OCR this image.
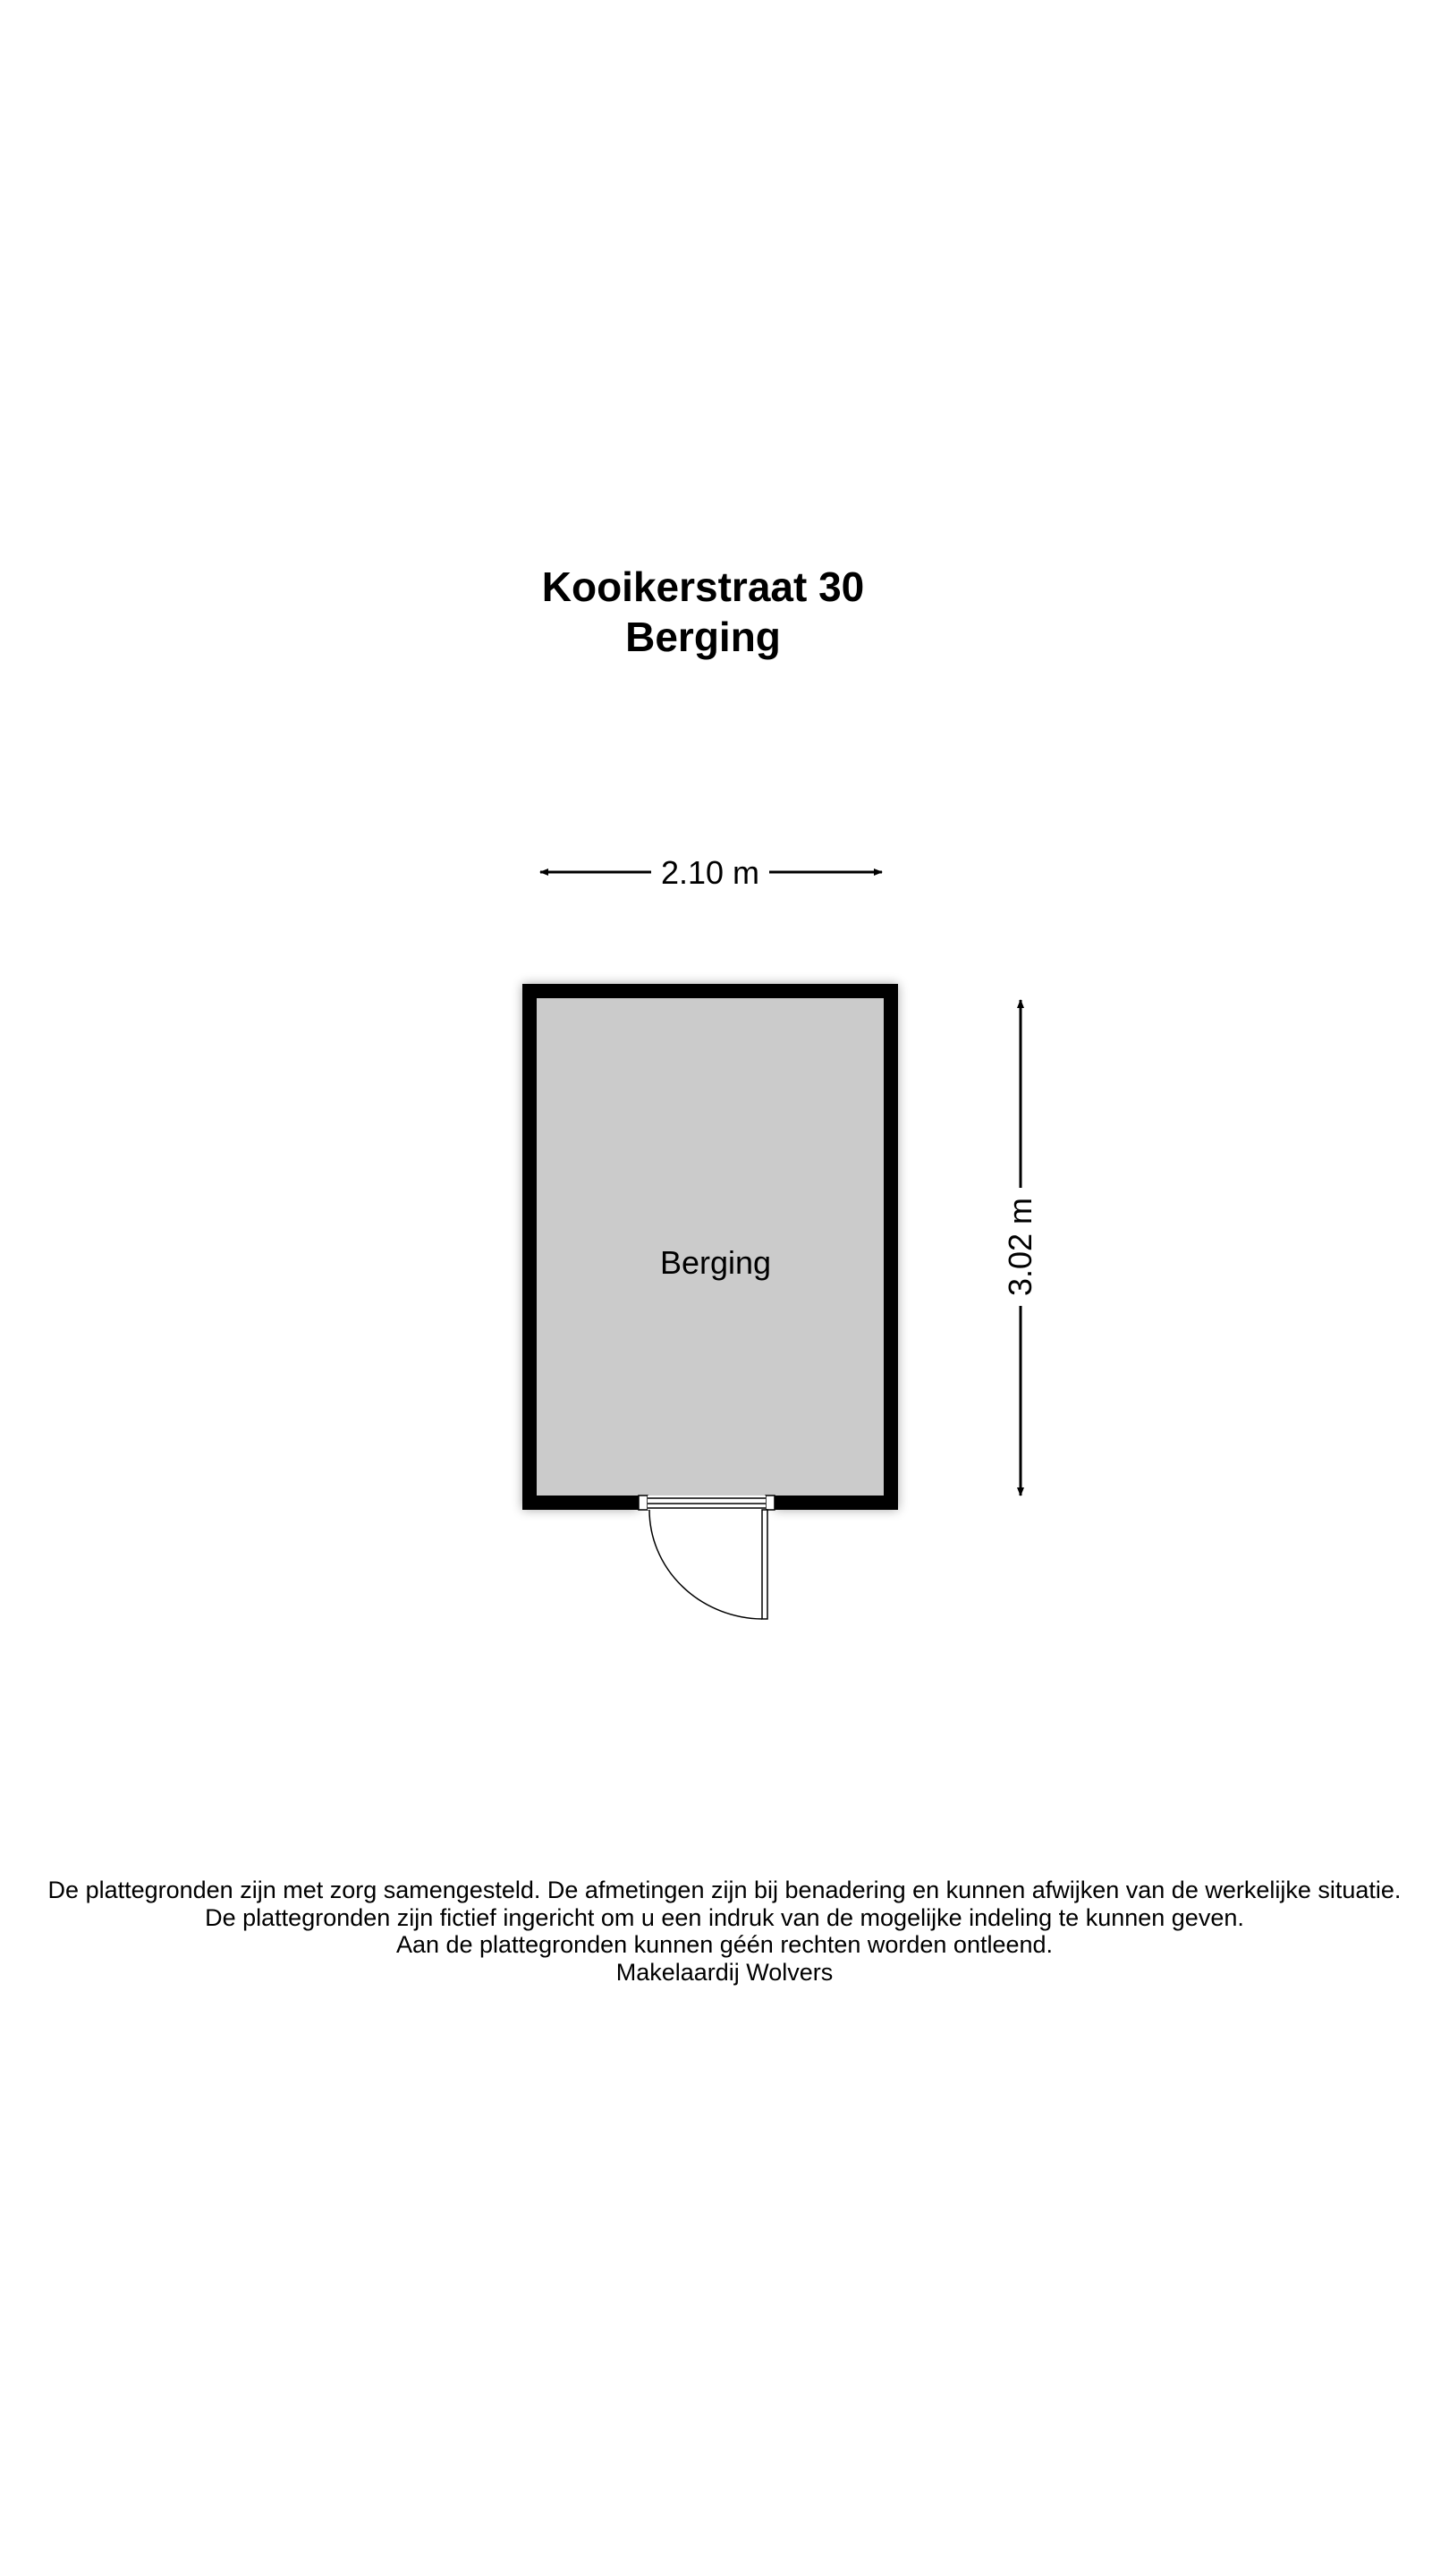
Kooikerstraat 30
Berging
2.10 m
3.02 m
Berging
De plattegronden zijn met zorg samengesteld. De afmetingen zijn bij benadering en kunnen afwijken van de werkelijke situatie.
De plattegronden zijn fictief ingericht om u een indruk van de mogelijke indeling te kunnen geven.
Aan de plattegronden kunnen géén rechten worden ontleend.
Makelaardij Wolvers
